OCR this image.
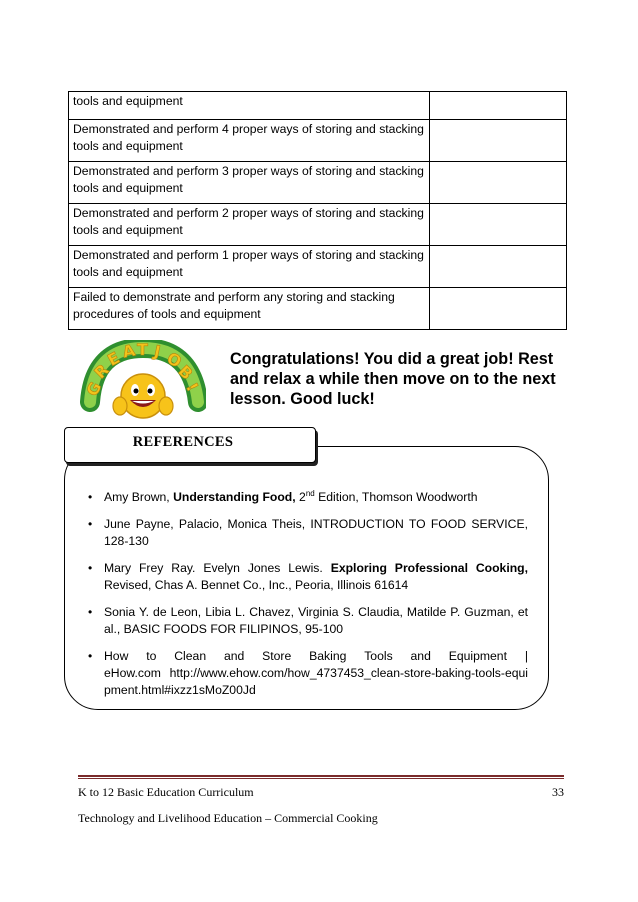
tools and equipment	
Demonstrated and perform 4 proper ways of storing and stacking tools and equipment	
Demonstrated and perform 3 proper ways of storing and stacking tools and equipment	
Demonstrated and perform 2 proper ways of storing and stacking tools and equipment	
Demonstrated and perform 1 proper ways of storing and stacking tools and equipment	
Failed to demonstrate and perform any storing and stacking procedures of tools and equipment	
G
R
E
A T J O
B
!
Congratulations! You did a great job! Rest and relax a while then move on to the next lesson. Good luck!
REFERENCES
• Amy Brown, Understanding Food, 2nd Edition, Thomson Woodworth
• June Payne, Palacio, Monica Theis, INTRODUCTION TO FOOD SERVICE, 128-130
• Mary Frey Ray. Evelyn Jones Lewis. Exploring Professional Cooking, Revised, Chas A. Bennet Co., Inc., Peoria, Illinois 61614
• Sonia Y. de Leon, Libia L. Chavez, Virginia S. Claudia, Matilde P. Guzman, et al., BASIC FOODS FOR FILIPINOS, 95-100
• How to Clean and Store Baking Tools and Equipment |
eHow.com http://www.ehow.com/how_4737453_clean-store-baking-tools-equipment.html#ixzz1sMoZ00Jd
K to 12 Basic Education Curriculum	33
Technology and Livelihood Education – Commercial Cooking
